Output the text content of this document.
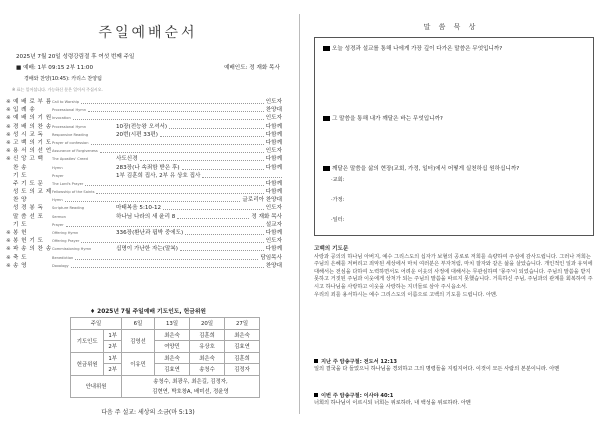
주일예배순서
2025년 7월 20일 성령강림절 후 여섯 번째 주일
■ 예배: 1부 09:15 2부 11:00	예배인도: 정 재화 목사
경배와 찬양(10:45): 카리스 찬양팀
※ 표는 일어섭니다. 가능하신 분은 일어서 주십시오.
※ 예 배 로 부 름 Call to Worship	인도자
※ 입 례 송	Processional Hymn	찬양대
※ 예 배 의 기 원 Invocation	인도자
※ 경 배 의 찬 송 Processional Hymn	10장(전능왕 오셔서)	다함께
※ 성 시 교 독	Responsive Reading	20번(시편 33편)	다함께
※ 고 백 의 기 도 Prayer of confession	다함께
※ 용 서 의 선 언 Assurance of Forgiveness	인도자
※ 신 앙 고 백	The Apostles' Creed	사도신경	다함께
찬 송	Hymn	283장(나 속죄함 받은 후)	다함께
기 도	Prayer	1부 김훈희 집사, 2부 유 상호 집사
주 기 도 문	The Lord's Prayer	다함께
성 도 의 교 제 Fellowship of the Saints	다함께
찬 양	Hymn	글로리아 찬양대
성 경 봉 독	Scripture Reading	마태복음 5:10-12	인도자
말 씀 선 포	Sermon	하나님 나라의 새 윤리 8	정 재화 목사
기 도	Prayer	설교자
※ 봉 헌	Offering Hymn	336장(환난과 핍박 중에도)	다함께
※ 봉 헌 기 도	Offering Prayer	인도자
※ 파 송 의 찬 송 Commissioning Hymn	십명이 가난한 자는(말복)	다함께
※ 축 도	Benediction	담임목사
※ 송 영	Doxology	찬양대
♦ 2025년 7월 주일예배 기도인도, 헌금위원
주일		6일	13일	20일	27일
기도인도	1부	김영선	최은숙	김훈희	최은숙
	2부		여양민	유상호	김효연
헌금위원	1부	이유민	최은숙	최은숙	김훈희
	2부		김효연	송청수	김정자
안내위원		송청수, 최광우, 최은길, 김정자,			
		김현연, 박호창A, 배미선, 정윤영			
다음 주 설교: 세상의 소금(마 5:13)
말 씀 묵 상
오늘 성경과 설교를 통해 나에게 가장 깊이 다가온 말씀은 무엇입니까?
그 말씀을 통해 내가 깨달은 바는 무엇입니까?
깨달은 말씀을 삶의 현장(교회, 가정, 일터)에서 어떻게 실천하십 원하십니까?
·교회:
·가정:
·일터:
고백의 기도문
사랑과 공의의 하나님 아버지, 예수 그리스도의 십자가 보혈의 공로로 저희를 속량하여 주심에 감사드립니다. 그러나 저희는 주님의 은혜를 저버리고 죄악된 세상에서 마치 여러분은 부자처럼, 마치 잘자와 같은 삶을 살았습니다. 개인적인 일과 유익에 대해서는 전심을 다하여 노력하면서도 어려운 이웃의 사정에 대해서는 무관심하며 '몽주'이 되었습니다. 주님의 말씀을 받지 못하고 거짓된 주님과 이웃에게 상처가 되는 주님의 말씀을 따르지 못했습니다. 거룩하신 주님, 주님과의 관계를 회복하여 주시고 하나님을 사랑하고 이웃을 사랑하는 지녀들로 삼아 주시옵소서.
우리의 죄를 용서하시는 예수 그리스도의 이름으로 고백의 기도를 드립니다. 아멘.
지난 주 암송구절: 전도서 12:13
일의 결국을 다 들었으니 하나님을 경외하고 그의 명령들을 지킬지어다. 이것이 모든 사람의 본분이니라. 아멘
이번 주 암송구절: 이사야 40:1
너희의 하나님이 이르시되 너희는 위로하라, 내 백성을 위로하라. 아멘
